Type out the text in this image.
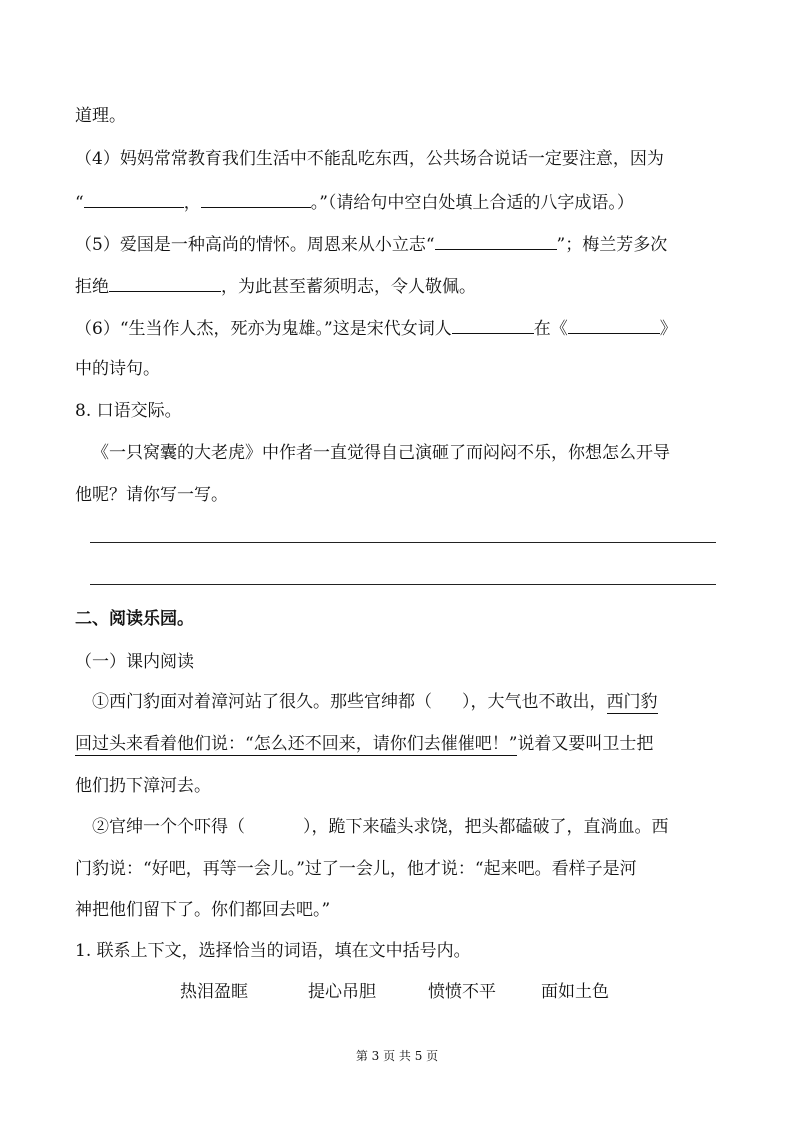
道理。
（4）妈妈常常教育我们生活中不能乱吃东西，公共场合说话一定要注意，因为
“	，	。”（请给句中空白处填上合适的八字成语。）
（5）爱国是一种高尚的情怀。周恩来从小立志“	”；梅兰芳多次
拒绝	，为此甚至蓄须明志，令人敬佩。
（6）“生当作人杰，死亦为鬼雄。”这是宋代女词人	在《	》
中的诗句。
8. 口语交际。
《一只窝囊的大老虎》中作者一直觉得自己演砸了而闷闷不乐，你想怎么开导
他呢？请你写一写。
二、阅读乐园。
（一）课内阅读
①西门豹面对着漳河站了很久。那些官绅都（ ），大气也不敢出，西门豹
回过头来看着他们说：“怎么还不回来，请你们去催催吧！”说着又要叫卫士把
他们扔下漳河去。
②官绅一个个吓得（	），跪下来磕头求饶，把头都磕破了，直淌血。西
门豹说：“好吧，再等一会儿。”过了一会儿，他才说：“起来吧。看样子是河
神把他们留下了。你们都回去吧。”
1. 联系上下文，选择恰当的词语，填在文中括号内。
热泪盈眶	提心吊胆	愤愤不平	面如土色
第 3 页 共 5 页
